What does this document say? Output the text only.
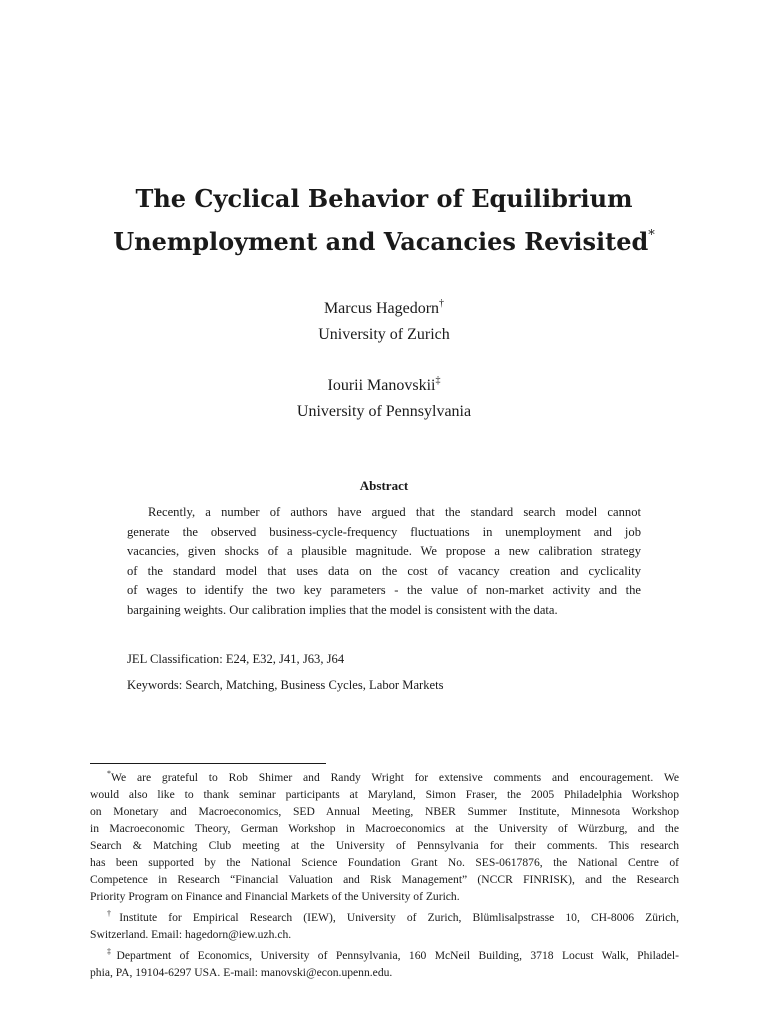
The Cyclical Behavior of Equilibrium
Unemployment and Vacancies Revisited*
Marcus Hagedorn†
University of Zurich
Iourii Manovskii‡
University of Pennsylvania
Abstract
Recently, a number of authors have argued that the standard search model cannot
generate the observed business-cycle-frequency fluctuations in unemployment and job
vacancies, given shocks of a plausible magnitude. We propose a new calibration strategy
of the standard model that uses data on the cost of vacancy creation and cyclicality
of wages to identify the two key parameters - the value of non-market activity and the
bargaining weights. Our calibration implies that the model is consistent with the data.
JEL Classification: E24, E32, J41, J63, J64
Keywords: Search, Matching, Business Cycles, Labor Markets
*We are grateful to Rob Shimer and Randy Wright for extensive comments and encouragement. We
would also like to thank seminar participants at Maryland, Simon Fraser, the 2005 Philadelphia Workshop
on Monetary and Macroeconomics, SED Annual Meeting, NBER Summer Institute, Minnesota Workshop
in Macroeconomic Theory, German Workshop in Macroeconomics at the University of Würzburg, and the
Search & Matching Club meeting at the University of Pennsylvania for their comments. This research
has been supported by the National Science Foundation Grant No. SES-0617876, the National Centre of
Competence in Research “Financial Valuation and Risk Management” (NCCR FINRISK), and the Research
Priority Program on Finance and Financial Markets of the University of Zurich.
†Institute for Empirical Research (IEW), University of Zurich, Blümlisalpstrasse 10, CH-8006 Zürich,
Switzerland. Email: hagedorn@iew.uzh.ch.
‡Department of Economics, University of Pennsylvania, 160 McNeil Building, 3718 Locust Walk, Philadel-
phia, PA, 19104-6297 USA. E-mail: manovski@econ.upenn.edu.
